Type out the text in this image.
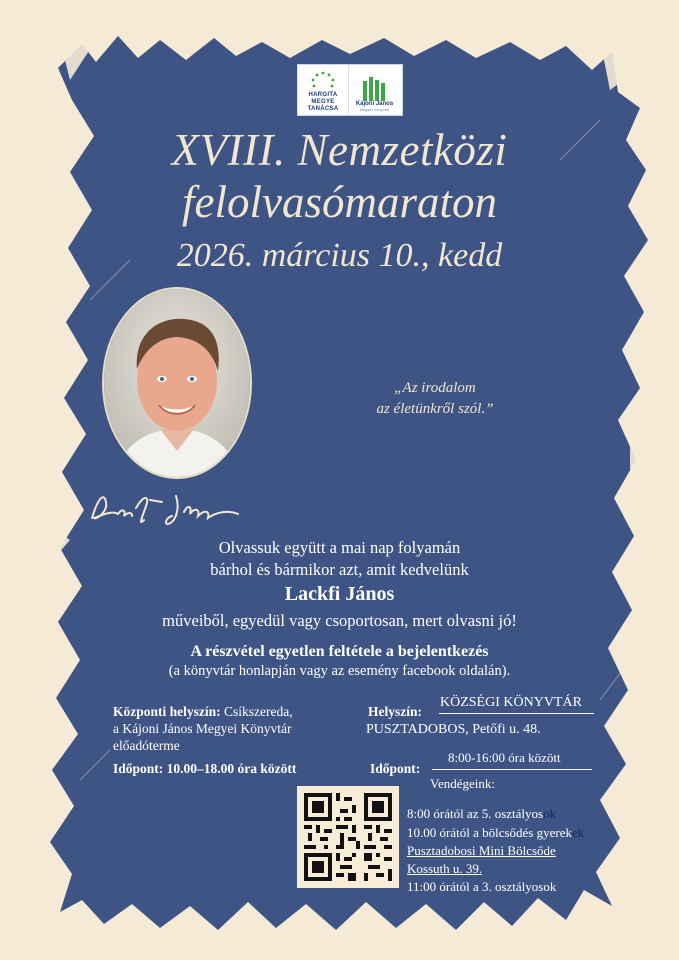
HARGITA
MEGYE
TANÁCSA
Kájoni János
Megyei Könyvtár
XVIII. Nemzetközi
felolvasómaraton
2026. március 10., kedd
„Az irodalom
az életünkről szól.”
Olvassuk együtt a mai nap folyamán
bárhol és bármikor azt, amit kedvelünk
Lackfi János
műveiből, egyedül vagy csoportosan, mert olvasni jó!
A részvétel egyetlen feltétele a bejelentkezés
(a könyvtár honlapján vagy az esemény facebook oldalán).
Központi helyszín: Csíkszereda,
a Kájoni János Megyei Könyvtár
előadóterme
Időpont: 10.00–18.00 óra között
Helyszín:
KÖZSÉGI KÖNYVTÁR
PUSZTADOBOS, Petőfi u. 48.
Időpont:
8:00-16:00 óra között
Vendégeink:
8:00 órától az 5. osztályosok
10.00 órától a bölcsődés gyerekek
Pusztadobosi Mini Bölcsőde
Kossuth u. 39.
11:00 órától a 3. osztályosok
